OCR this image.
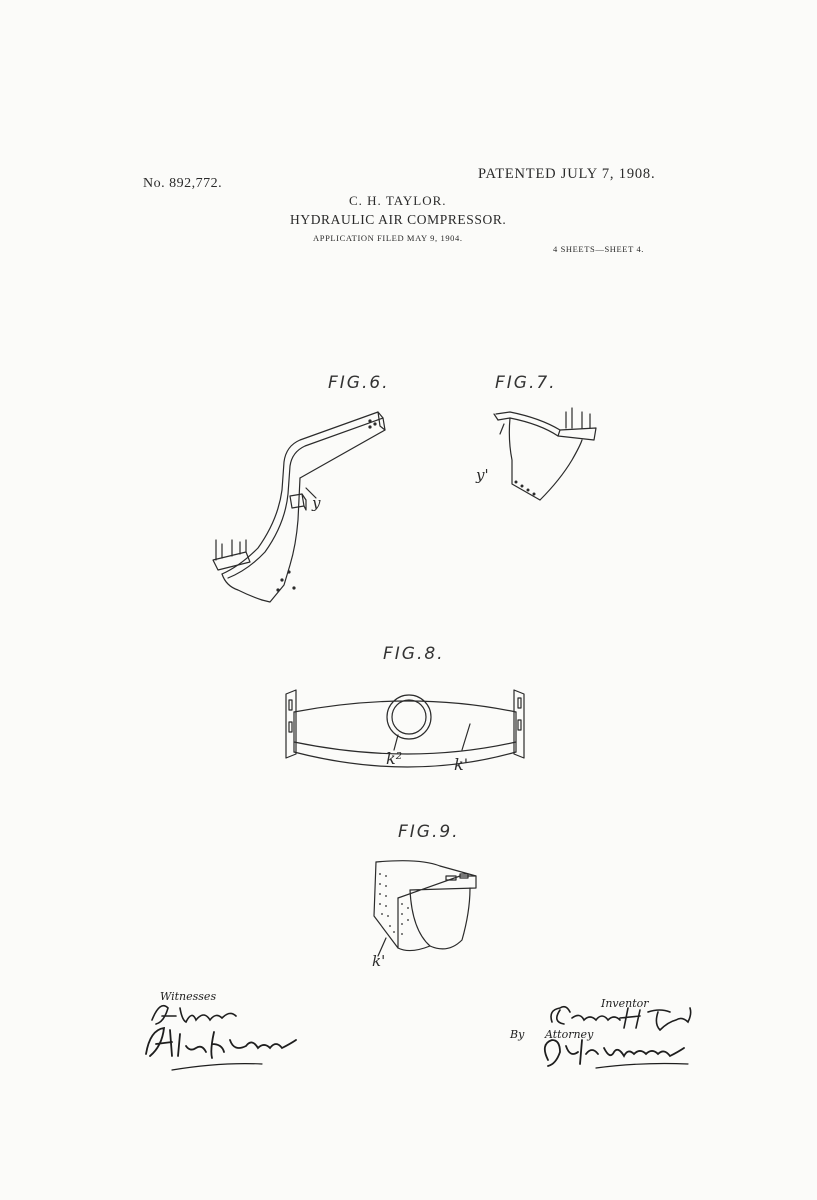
No. 892,772.
PATENTED JULY 7, 1908.
C. H. TAYLOR.
HYDRAULIC AIR COMPRESSOR.
APPLICATION FILED MAY 9, 1904.
4 SHEETS—SHEET 4.
FIG.6.	FIG.7.
FIG.8.
FIG.9.
y
y'
k²	k'
k'
Witnesses
Inventor
By Attorney
